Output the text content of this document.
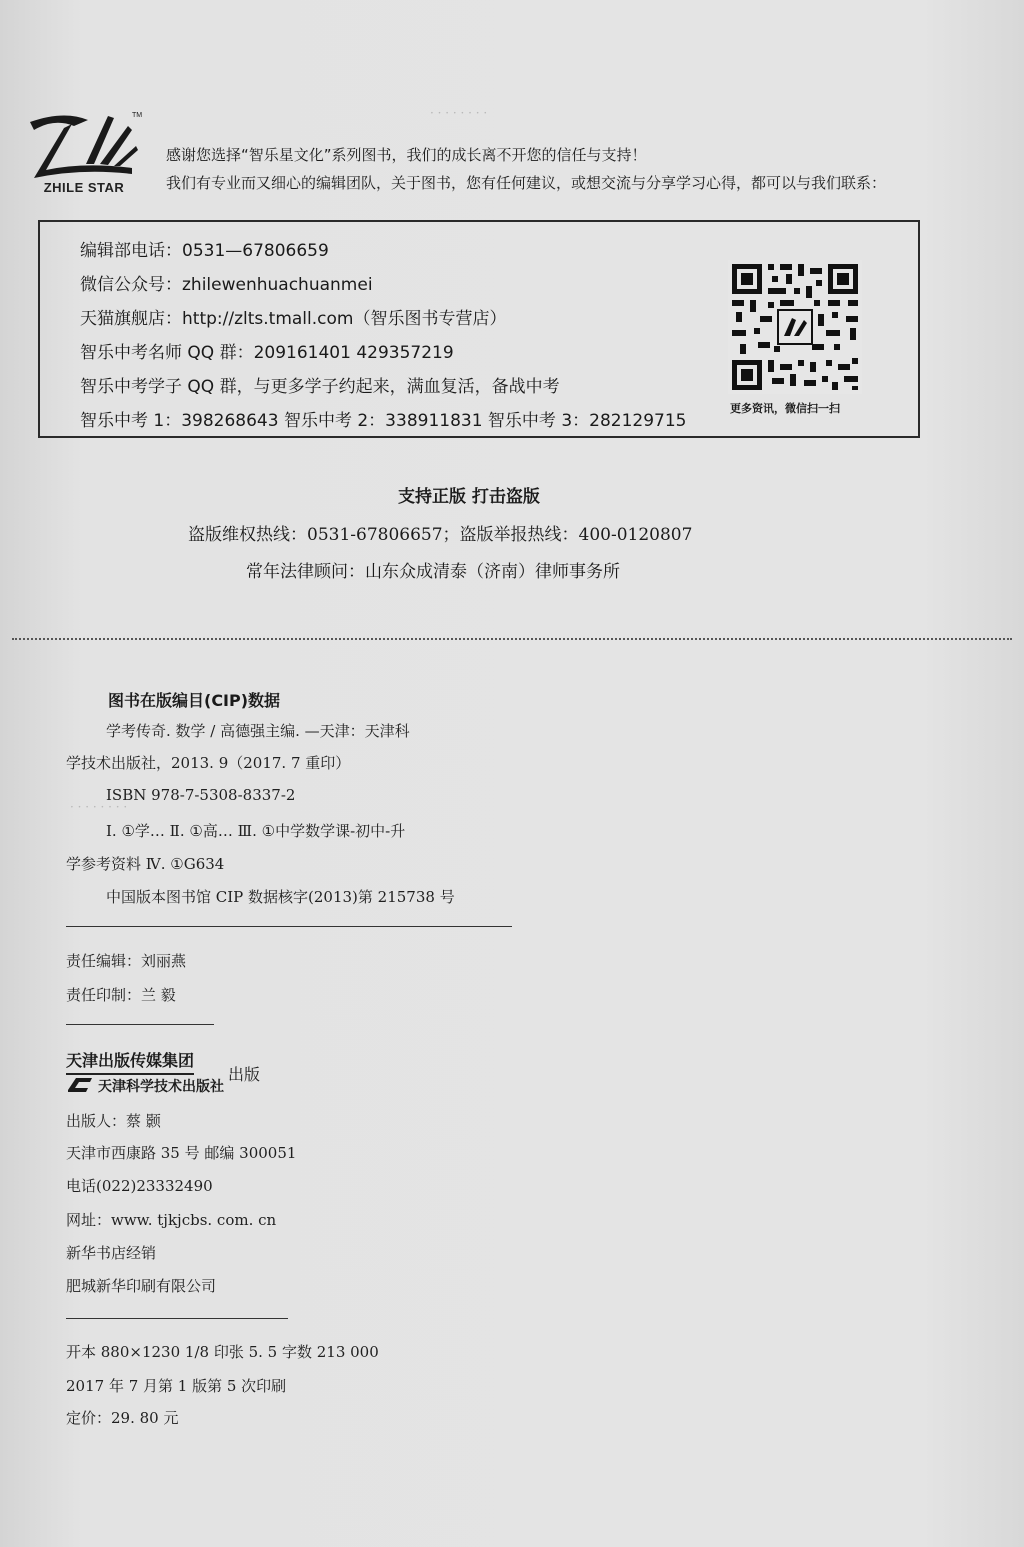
· · · · · · · ·
· · · · · · · ·
TM
ZHILE STAR
感谢您选择“智乐星文化”系列图书，我们的成长离不开您的信任与支持！
我们有专业而又细心的编辑团队，关于图书，您有任何建议，或想交流与分享学习心得，都可以与我们联系：
编辑部电话：0531—67806659
微信公众号：zhilewenhuachuanmei
天猫旗舰店：http://zlts.tmall.com（智乐图书专营店）
智乐中考名师 QQ 群：209161401 429357219
智乐中考学子 QQ 群，与更多学子约起来，满血复活，备战中考
智乐中考 1：398268643 智乐中考 2：338911831 智乐中考 3：282129715
更多资讯，微信扫一扫
支持正版 打击盗版
盗版维权热线：0531-67806657；盗版举报热线：400-0120807
常年法律顾问：山东众成清泰（济南）律师事务所
图书在版编目(CIP)数据
学考传奇. 数学 / 高德强主编. —天津：天津科
学技术出版社，2013. 9（2017. 7 重印）
ISBN 978-7-5308-8337-2
Ⅰ. ①学… Ⅱ. ①高… Ⅲ. ①中学数学课-初中-升
学参考资料 Ⅳ. ①G634
中国版本图书馆 CIP 数据核字(2013)第 215738 号
责任编辑：刘丽燕
责任印制：兰 毅
天津出版传媒集团
天津科学技术出版社
出版
出版人：蔡 颢
天津市西康路 35 号 邮编 300051
电话(022)23332490
网址：www. tjkjcbs. com. cn
新华书店经销
肥城新华印刷有限公司
开本 880×1230 1/8 印张 5. 5 字数 213 000
2017 年 7 月第 1 版第 5 次印刷
定价：29. 80 元
